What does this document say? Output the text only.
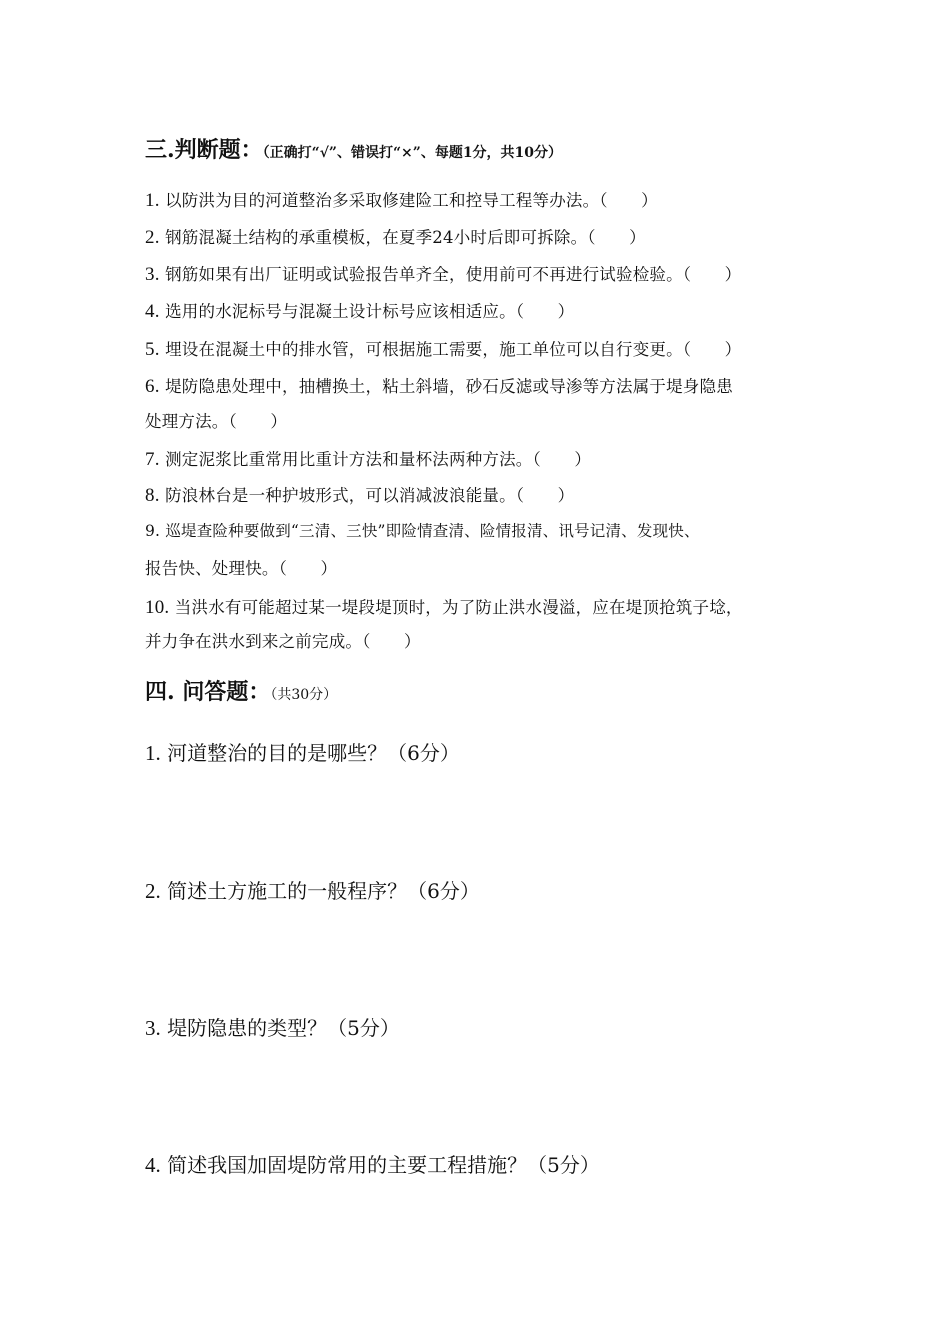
三.判断题：（正确打“√”、错误打“×”、每题1分，共10分）
1. 以防洪为目的河道整治多采取修建险工和控导工程等办法。（　　）
2. 钢筋混凝土结构的承重模板，在夏季24小时后即可拆除。（　　）
3. 钢筋如果有出厂证明或试验报告单齐全，使用前可不再进行试验检验。（　　）
4. 选用的水泥标号与混凝土设计标号应该相适应。（　　）
5. 埋设在混凝土中的排水管，可根据施工需要，施工单位可以自行变更。（　　）
6. 堤防隐患处理中，抽槽换土，粘土斜墙，砂石反滤或导渗等方法属于堤身隐患
处理方法。（　　）
7. 测定泥浆比重常用比重计方法和量杯法两种方法。（　　）
8. 防浪林台是一种护坡形式，可以消减波浪能量。（　　）
9. 巡堤查险种要做到“三清、三快”即险情查清、险情报清、讯号记清、发现快、
报告快、处理快。（　　）
10. 当洪水有可能超过某一堤段堤顶时，为了防止洪水漫溢，应在堤顶抢筑子埝，
并力争在洪水到来之前完成。（　　）
四. 问答题：（共30分）
1. 河道整治的目的是哪些？（6分）
2. 简述土方施工的一般程序？（6分）
3. 堤防隐患的类型？（5分）
4. 简述我国加固堤防常用的主要工程措施？（5分）
